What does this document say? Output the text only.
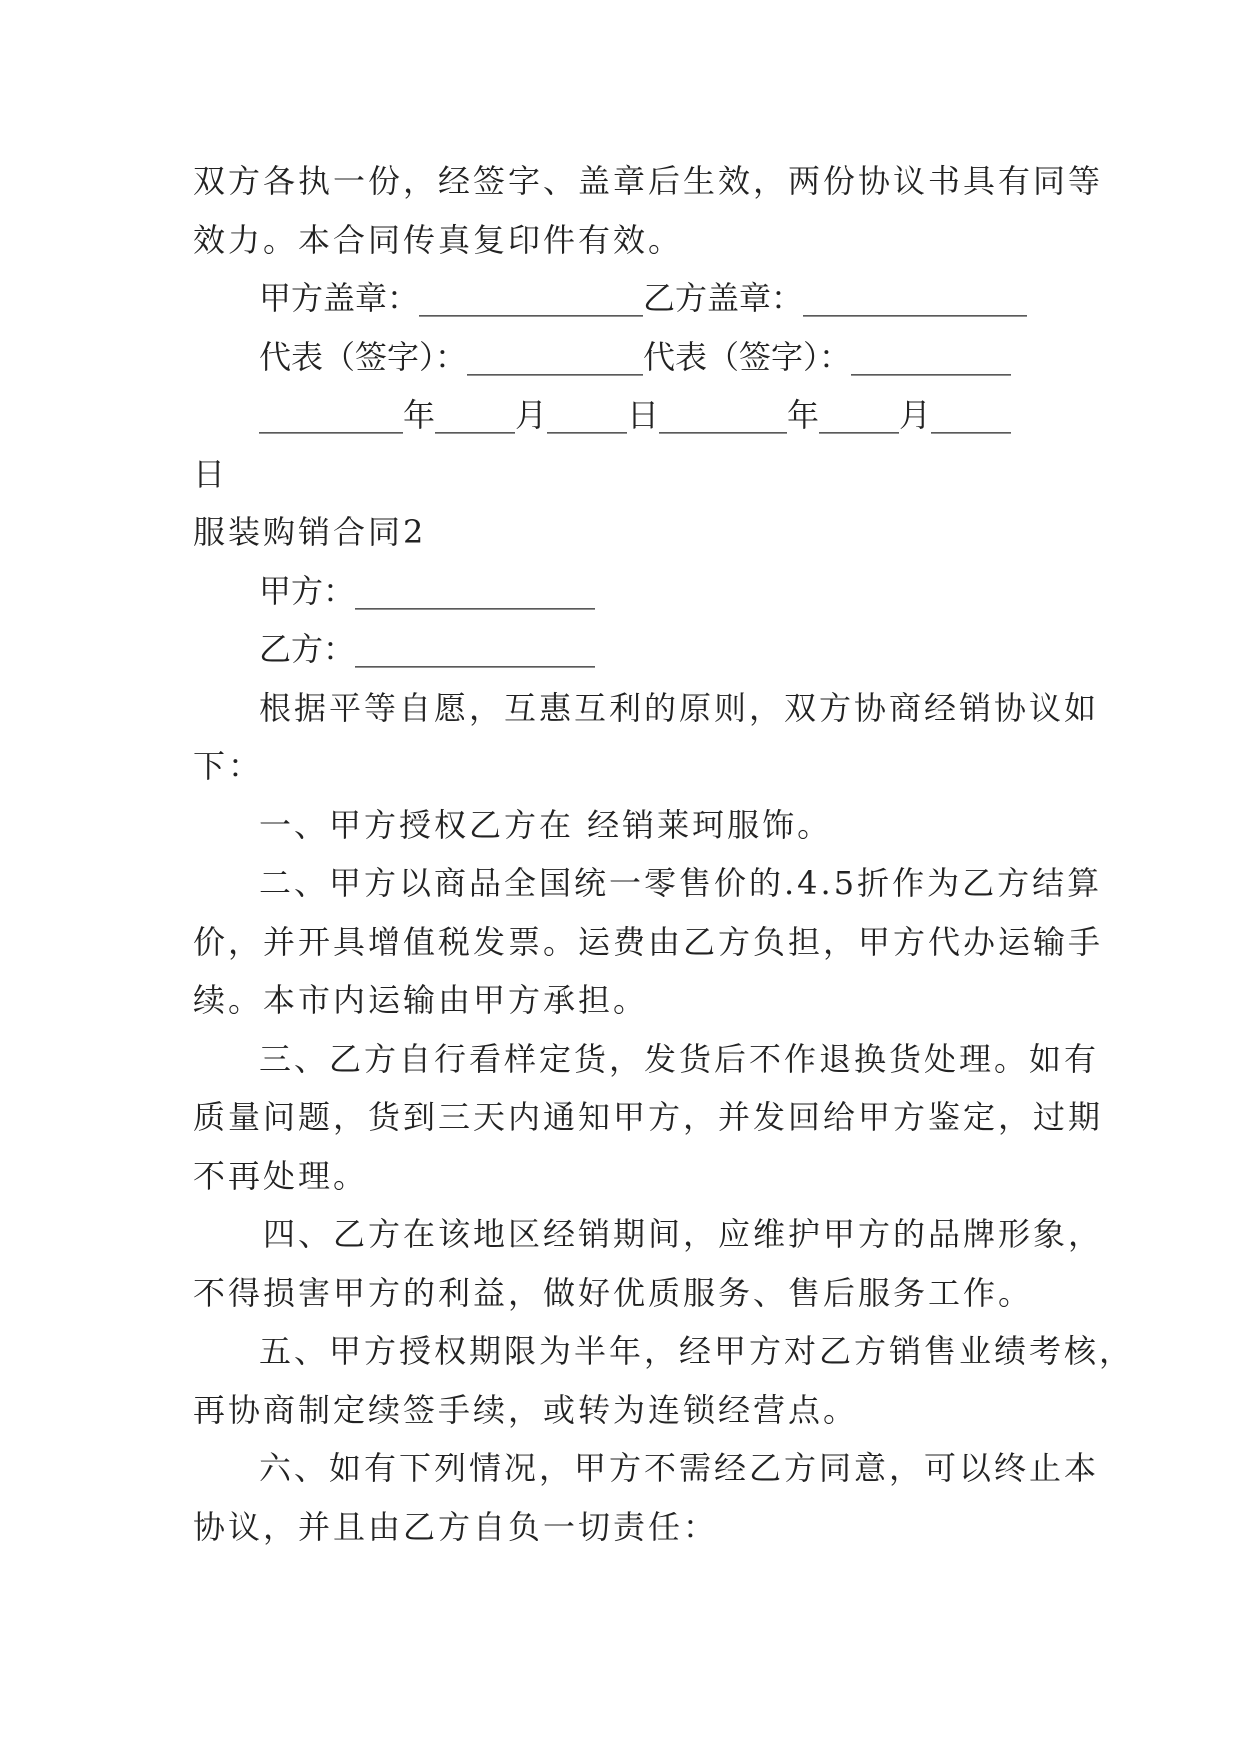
双方各执一份，经签字、盖章后生效，两份协议书具有同等
效力。本合同传真复印件有效。
甲方盖章：______________乙方盖章：______________
代表（签字）：___________代表（签字）：__________
_________年_____月_____日________年_____月_____
日
服装购销合同2
甲方：_______________
乙方：_______________
根据平等自愿，互惠互利的原则，双方协商经销协议如
下：
一、甲方授权乙方在 经销莱珂服饰。
二、甲方以商品全国统一零售价的.4.5折作为乙方结算
价，并开具增值税发票。运费由乙方负担，甲方代办运输手
续。本市内运输由甲方承担。
三、乙方自行看样定货，发货后不作退换货处理。如有
质量问题，货到三天内通知甲方，并发回给甲方鉴定，过期
不再处理。
四、乙方在该地区经销期间，应维护甲方的品牌形象，
不得损害甲方的利益，做好优质服务、售后服务工作。
五、甲方授权期限为半年，经甲方对乙方销售业绩考核，
再协商制定续签手续，或转为连锁经营点。
六、如有下列情况，甲方不需经乙方同意，可以终止本
协议，并且由乙方自负一切责任：
